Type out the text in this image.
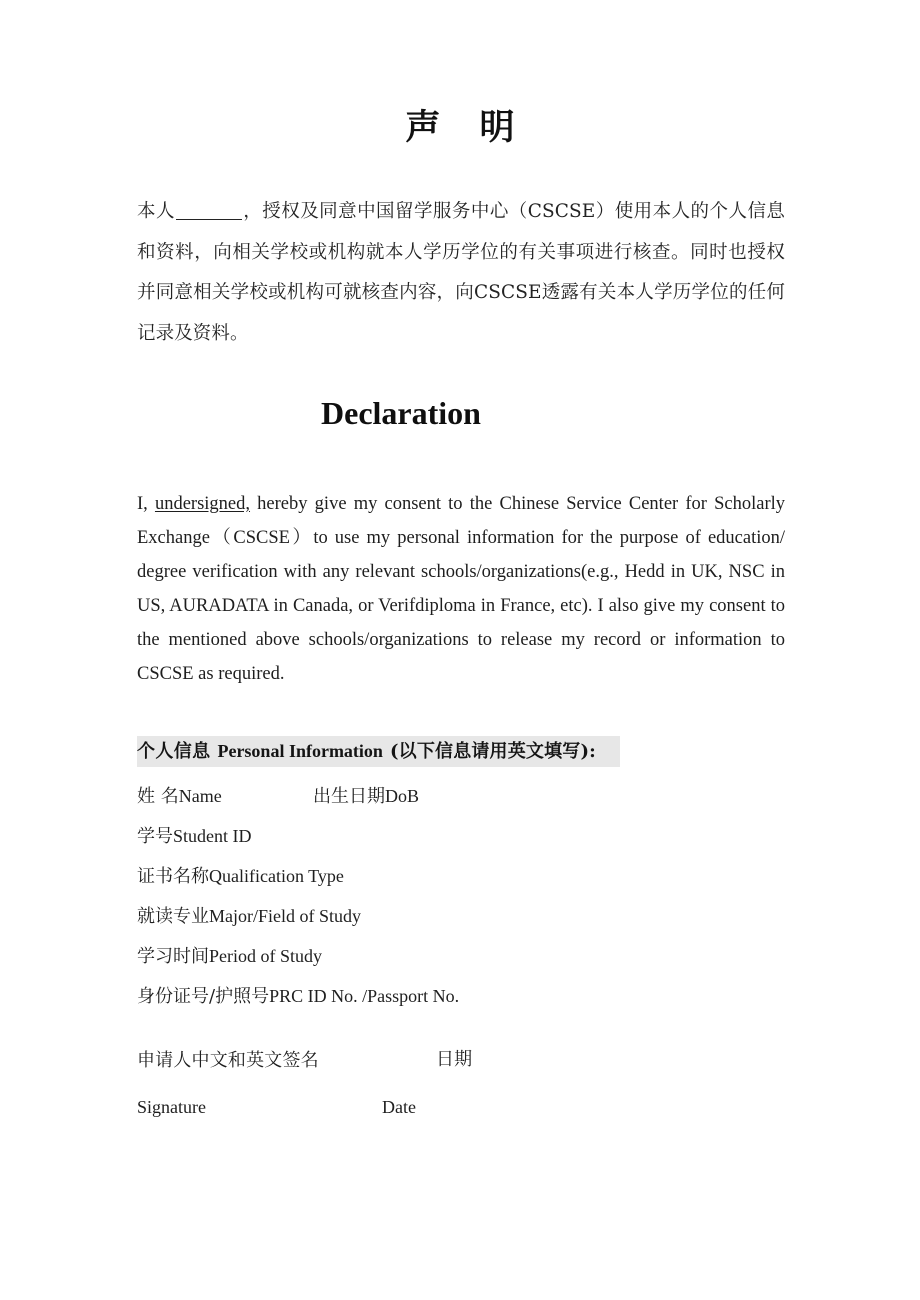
声　明
本人	，授权及同意中国留学服务中心（CSCSE）使用本人的个人信息和资料，向相关学校或机构就本人学历学位的有关事项进行核查。同时也授权并同意相关学校或机构可就核查内容，向CSCSE透露有关本人学历学位的任何记录及资料。
Declaration
I, undersigned, hereby give my consent to the Chinese Service Center for Scholarly Exchange（CSCSE）to use my personal information for the purpose of education/ degree verification with any relevant schools/organizations(e.g., Hedd in UK, NSC in US, AURADATA in Canada, or Verifdiploma in France, etc). I also give my consent to the mentioned above schools/organizations to release my record or information to CSCSE as required.
个人信息 Personal Information (以下信息请用英文填写):
姓 名Name	出生日期DoB
学号Student ID
证书名称Qualification Type
就读专业Major/Field of Study
学习时间Period of Study
身份证号/护照号PRC ID No. /Passport No.
申请人中文和英文签名	日期
Signature	Date
